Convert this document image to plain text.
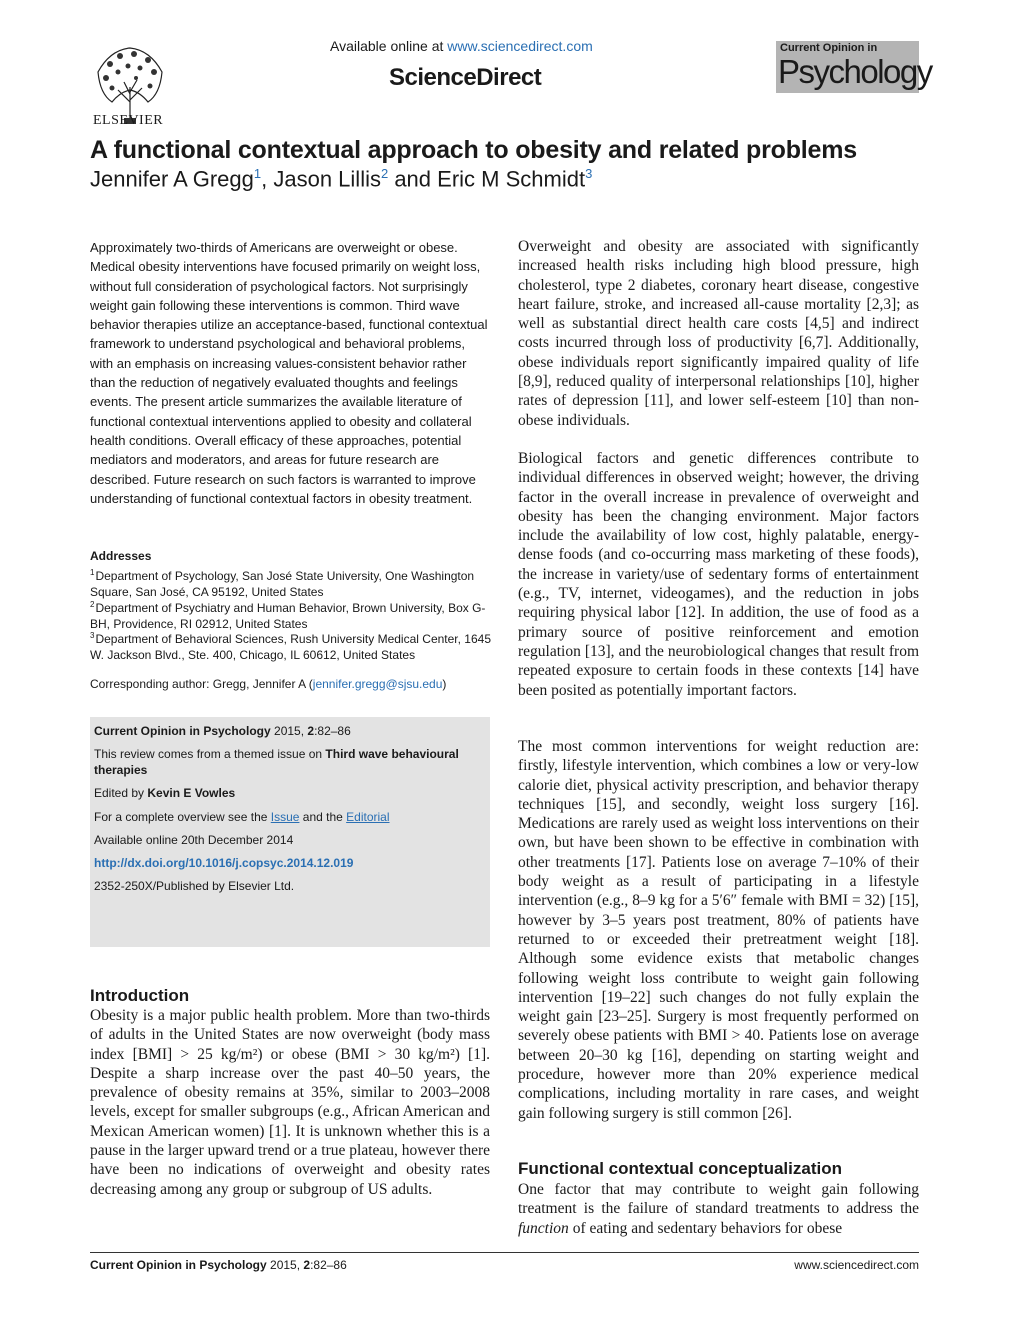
ELSEVIER
Available online at www.sciencedirect.com
ScienceDirect
Current Opinion in
Psychology
A functional contextual approach to obesity and related problems
Jennifer A Gregg$^1$, Jason Lillis$^2$ and Eric M Schmidt$^3$

Approximately two-thirds of Americans are overweight or obese. Medical obesity interventions have focused primarily on weight loss, without full consideration of psychological factors. Not surprisingly weight gain following these interventions is common. Third wave behavior therapies utilize an acceptance-based, functional contextual framework to understand psychological and behavioral problems, with an emphasis on increasing values-consistent behavior rather than the reduction of negatively evaluated thoughts and feelings events. The present article summarizes the available literature of functional contextual interventions applied to obesity and collateral health conditions. Overall efficacy of these approaches, potential mediators and moderators, and areas for future research are described. Future research on such factors is warranted to improve understanding of functional contextual factors in obesity treatment.

Addresses

$^1$ Department of Psychology, San José State University, One Washington Square, San José, CA 95192, United States

$^2$ Department of Psychiatry and Human Behavior, Brown University, Box G-BH, Providence, RI 02912, United States

$^3$ Department of Behavioral Sciences, Rush University Medical Center, 1645 W. Jackson Blvd., Ste. 400, Chicago, IL 60612, United States

Corresponding author: Gregg, Jennifer A (jennifer.gregg@sjsu.edu)

Current Opinion in Psychology 2015, 2:82–86

This review comes from a themed issue on Third wave behavioural therapies

Edited by Kevin E Vowles

For a complete overview see the Issue and the Editorial

Available online 20th December 2014

http://dx.doi.org/10.1016/j.copsyc.2014.12.019

2352-250X/Published by Elsevier Ltd.

Introduction

Obesity is a major public health problem. More than two-thirds of adults in the United States are now overweight (body mass index [BMI] > 25 kg/m²) or obese (BMI > 30 kg/m²) [1]. Despite a sharp increase over the past 40–50 years, the prevalence of obesity remains at 35%, similar to 2003–2008 levels, except for smaller subgroups (e.g., African American and Mexican American women) [1]. It is unknown whether this is a pause in the larger upward trend or a true plateau, however there have been no indications of overweight and obesity rates decreasing among any group or subgroup of US adults.

Overweight and obesity are associated with significantly increased health risks including high blood pressure, high cholesterol, type 2 diabetes, coronary heart disease, congestive heart failure, stroke, and increased all-cause mortality [2,3]; as well as substantial direct health care costs [4,5] and indirect costs incurred through loss of productivity [6,7]. Additionally, obese individuals report significantly impaired quality of life [8,9], reduced quality of interpersonal relationships [10], higher rates of depression [11], and lower self-esteem [10] than non-obese individuals.

Biological factors and genetic differences contribute to individual differences in observed weight; however, the driving factor in the overall increase in prevalence of overweight and obesity has been the changing environment. Major factors include the availability of low cost, highly palatable, energy-dense foods (and co-occurring mass marketing of these foods), the increase in variety/use of sedentary forms of entertainment (e.g., TV, internet, videogames), and the reduction in jobs requiring physical labor [12]. In addition, the use of food as a primary source of positive reinforcement and emotion regulation [13], and the neurobiological changes that result from repeated exposure to certain foods in these contexts [14] have been posited as potentially important factors.

The most common interventions for weight reduction are: firstly, lifestyle intervention, which combines a low or very-low calorie diet, physical activity prescription, and behavior therapy techniques [15], and secondly, weight loss surgery [16]. Medications are rarely used as weight loss interventions on their own, but have been shown to be effective in combination with other treatments [17]. Patients lose on average 7–10% of their body weight as a result of participating in a lifestyle intervention (e.g., 8–9 kg for a 5′6″ female with BMI = 32) [15], however by 3–5 years post treatment, 80% of patients have returned to or exceeded their pretreatment weight [18]. Although some evidence exists that metabolic changes following weight loss contribute to weight gain following intervention [19–22] such changes do not fully explain the weight gain [23–25]. Surgery is most frequently performed on severely obese patients with BMI > 40. Patients lose on average between 20–30 kg [16], depending on starting weight and procedure, however more than 20% experience medical complications, including mortality in rare cases, and weight gain following surgery is still common [26].

Functional contextual conceptualization

One factor that may contribute to weight gain following treatment is the failure of standard treatments to address the function of eating and sedentary behaviors for obese

Current Opinion in Psychology 2015, 2:82–86	www.sciencedirect.com
